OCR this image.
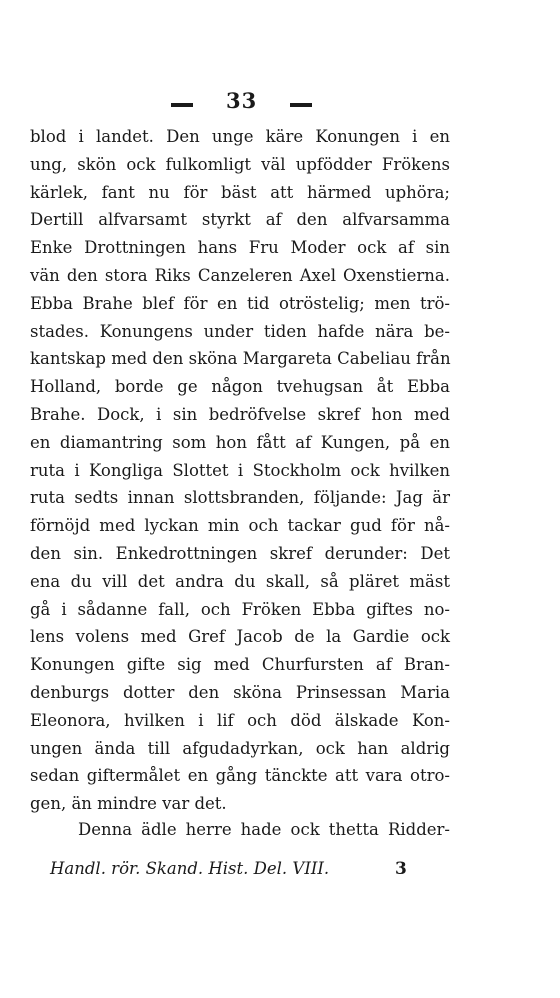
33
blod i landet. Den unge käre Konungen i en
ung, skön ock fulkomligt väl upfödder Frökens
kärlek, fant nu för bäst att härmed uphöra;
Dertill alfvarsamt styrkt af den alfvarsamma
Enke Drottningen hans Fru Moder ock af sin
vän den stora Riks Canzeleren Axel Oxenstierna.
Ebba Brahe blef för en tid otröstelig; men trö-
stades. Konungens under tiden hafde nära be-
kantskap med den sköna Margareta Cabeliau från
Holland, borde ge någon tvehugsan åt Ebba
Brahe. Dock, i sin bedröfvelse skref hon med
en diamantring som hon fått af Kungen, på en
ruta i Kongliga Slottet i Stockholm ock hvilken
ruta sedts innan slottsbranden, följande: Jag är
förnöjd med lyckan min och tackar gud för nå-
den sin. Enkedrottningen skref derunder: Det
ena du vill det andra du skall, så pläret mäst
gå i sådanne fall, och Fröken Ebba giftes no-
lens volens med Gref Jacob de la Gardie ock
Konungen gifte sig med Churfursten af Bran-
denburgs dotter den sköna Prinsessan Maria
Eleonora, hvilken i lif och död älskade Kon-
ungen ända till afgudadyrkan, ock han aldrig
sedan giftermålet en gång tänckte att vara otro-
gen, än mindre var det.
Denna ädle herre hade ock thetta Ridder-
Handl. rör. Skand. Hist. Del. VIII.	3
